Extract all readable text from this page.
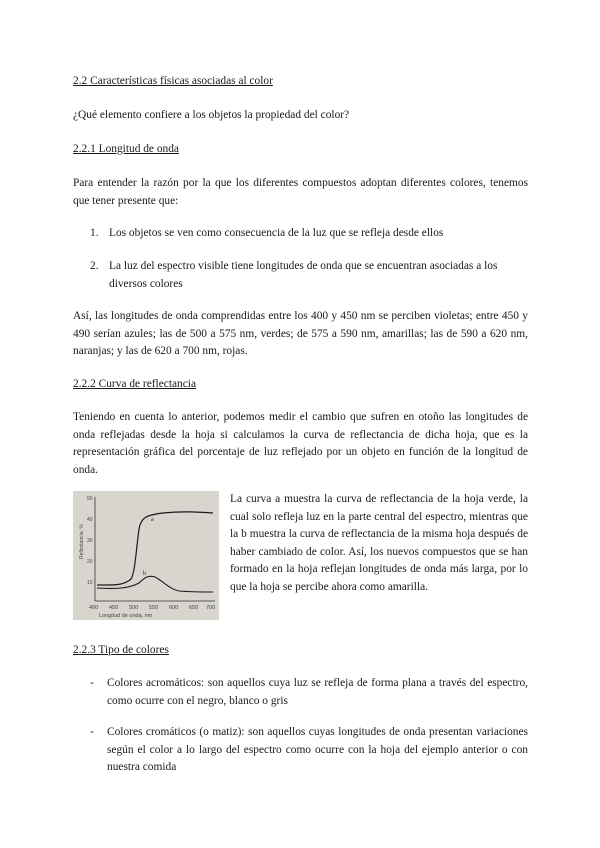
2.2 Características físicas asociadas al color

¿Qué elemento confiere a los objetos la propiedad del color?

2.2.1 Longitud de onda

Para entender la razón por la que los diferentes compuestos adoptan diferentes colores, tenemos que tener presente que:

1. Los objetos se ven como consecuencia de la luz que se refleja desde ellos
2. La luz del espectro visible tiene longitudes de onda que se encuentran asociadas a los diversos colores

Así, las longitudes de onda comprendidas entre los 400 y 450 nm se perciben violetas; entre 450 y 490 serían azules; las de 500 a 575 nm, verdes; de 575 a 590 nm, amarillas; las de 590 a 620 nm, naranjas; y las de 620 a 700 nm, rojas.

2.2.2 Curva de reflectancia

Teniendo en cuenta lo anterior, podemos medir el cambio que sufren en otoño las longitudes de onda reflejadas desde la hoja si calculamos la curva de reflectancia de dicha hoja, que es la representación gráfica del porcentaje de luz reflejado por un objeto en función de la longitud de onda.

50
40
30
20
10
400 450 500 550 600 650 700
Reflectancia, %
Longitud de onda, nm
a
b

La curva a muestra la curva de reflectancia de la hoja verde, la cual solo refleja luz en la parte central del espectro, mientras que la b muestra la curva de reflectancia de la misma hoja después de haber cambiado de color. Así, los nuevos compuestos que se han formado en la hoja reflejan longitudes de onda más larga, por lo que la hoja se percibe ahora como amarilla.

2.2.3 Tipo de colores

- Colores acromáticos: son aquellos cuya luz se refleja de forma plana a través del espectro, como ocurre con el negro, blanco o gris
- Colores cromáticos (o matiz): son aquellos cuyas longitudes de onda presentan variaciones según el color a lo largo del espectro como ocurre con la hoja del ejemplo anterior o con nuestra comida
